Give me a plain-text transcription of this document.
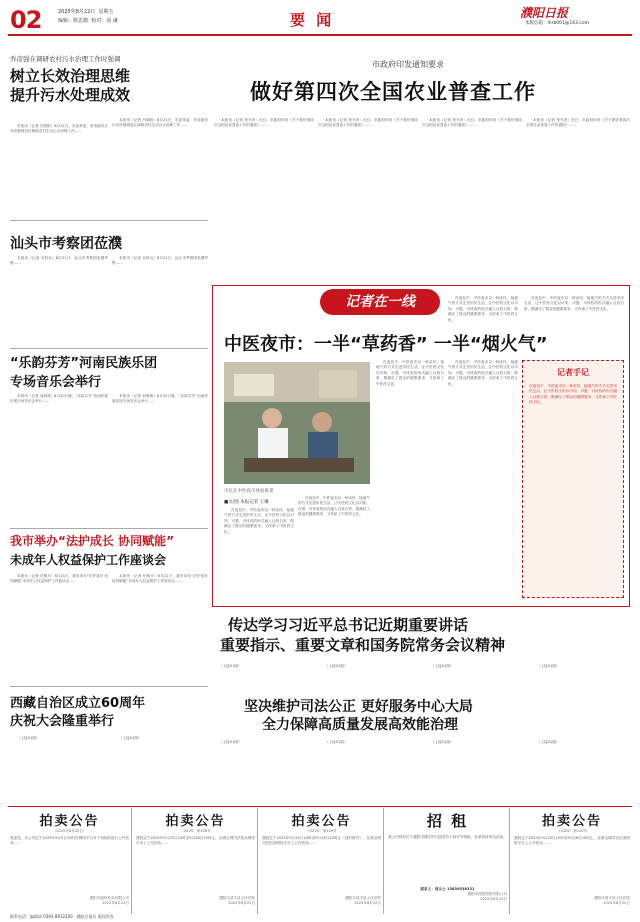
02	2025年8月22日 星期五
编辑：陈思微 校对：汤 谦	要 闻	濮阳日报
本版信箱：lhrb001@163.com
乔彦强在调研农村污水治理工作时强调
树立长效治理思维
提升污水处理成效

本报讯（记者 吕朝阳）8月21日，市委常委、常务副市长乔彦强到县区调研农村生活污水治理工作……

本报讯（记者 吕朝阳）8月21日，市委常委、常务副市长乔彦强到县区调研农村生活污水治理工作……

市政府印发通知要求
做好第四次全国农业普查工作

本报讯（记者 张书彦）近日，市政府印发《关于做好第四次全国农业普查工作的通知》……

本报讯（记者 张书彦）近日，市政府印发《关于做好第四次全国农业普查工作的通知》……

本报讯（记者 张书彦）近日，市政府印发《关于做好第四次全国农业普查工作的通知》……

本报讯（记者 张书彦）近日，市政府印发《关于做好第四次全国农业普查工作的通知》……

汕头市考察团莅濮

本报讯（记者 吴科兵）8月21日，汕头市考察团来濮考察……

本报讯（记者 吴科兵）8月21日，汕头市考察团来濮考察……

“乐韵芬芳”河南民族乐团
专场音乐会举行

本报讯（记者 刘海燕）8月20日晚，“乐韵芬芳”河南民族乐团专场音乐会举行……

本报讯（记者 刘海燕）8月20日晚，“乐韵芬芳”河南民族乐团专场音乐会举行……

我市举办“法护成长 协同赋能”
未成年人权益保护工作座谈会

本报讯（记者 任雅平）8月21日，我市举办“法护成长 协同赋能”未成年人权益保护工作座谈会……

本报讯（记者 任雅平）8月21日，我市举办“法护成长 协同赋能”未成年人权益保护工作座谈会……

记者在一线
中医夜市：一半“草药香” 一半“烟火气”
市民在中医夜市体验推拿

在夜色中，中医夜市以一种亲民、接地气的方式走进市民生活，让中医药文化以可知、可感、可体验的形式融入百姓日常，既满足了群众的健康需求，又传承了中医药文化。

■文/图 本报记者 王琳

在夜色中，中医夜市以一种亲民、接地气的方式走进市民生活，让中医药文化以可知、可感、可体验的形式融入百姓日常，既满足了群众的健康需求，又传承了中医药文化。

在夜色中，中医夜市以一种亲民、接地气的方式走进市民生活，让中医药文化以可知、可感、可体验的形式融入百姓日常，既满足了群众的健康需求，又传承了中医药文化。

在夜色中，中医夜市以一种亲民、接地气的方式走进市民生活，让中医药文化以可知、可感、可体验的形式融入百姓日常，既满足了群众的健康需求，又传承了中医药文化。

在夜色中，中医夜市以一种亲民、接地气的方式走进市民生活，让中医药文化以可知、可感、可体验的形式融入百姓日常，既满足了群众的健康需求，又传承了中医药文化。

在夜色中，中医夜市以一种亲民、接地气的方式走进市民生活，让中医药文化以可知、可感、可体验的形式融入百姓日常，既满足了群众的健康需求，又传承了中医药文化。

记者手记
在夜色中，中医夜市以一种亲民、接地气的方式走进市民生活，让中医药文化以可知、可感、可体验的形式融入百姓日常，既满足了群众的健康需求，又传承了中医药文化。
传达学习习近平总书记近期重要讲话
重要指示、重要文章和国务院常务会议精神

（上接01版）	（上接01版）	（上接01版）	（上接01版）

西藏自治区成立60周年
庆祝大会隆重举行

（上接01版）	（上接01版）

坚决维护司法公正 更好服务中心大局
全力保障高质量发展高效能治理

（上接01版）	（上接01版）	（上接01版）	（上接01版）

拍卖公告
（2025年8月22日）
受委托，本公司定于2025年9月5日10时在网络平台对下列标的进行公开拍卖……
濮阳市澶州拍卖有限公司
2025年8月22日
拍卖公告
（2025）第108号
我院定于2025年9月25日10时至9月26日10时止，在淘宝网司法拍卖网络平台上公开拍卖……
濮阳市清丰县人民法院
2025年8月22日
拍卖公告
（2025）第109号
我院定于2025年9月25日10时至9月26日10时止（延时除外），在淘宝网司法拍卖网络平台上公开拍卖……
濮阳市清丰县人民法院
2025年8月22日
招 租
我公司现有位于濮阳市城区的门面房若干间对外招租，有意者请来电洽谈。
联系人：周女士 13839536231
濮阳市国资投资有限公司
2025年8月22日
拍卖公告
（2025）第110号
我院定于2025年9月25日10时至9月26日10时止，在淘宝网司法拍卖网络平台上公开拍卖……
濮阳市清丰县人民法院
2025年8月22日
联系电话：编辑部 0393-8912100 濮阳日报社 版权所有
